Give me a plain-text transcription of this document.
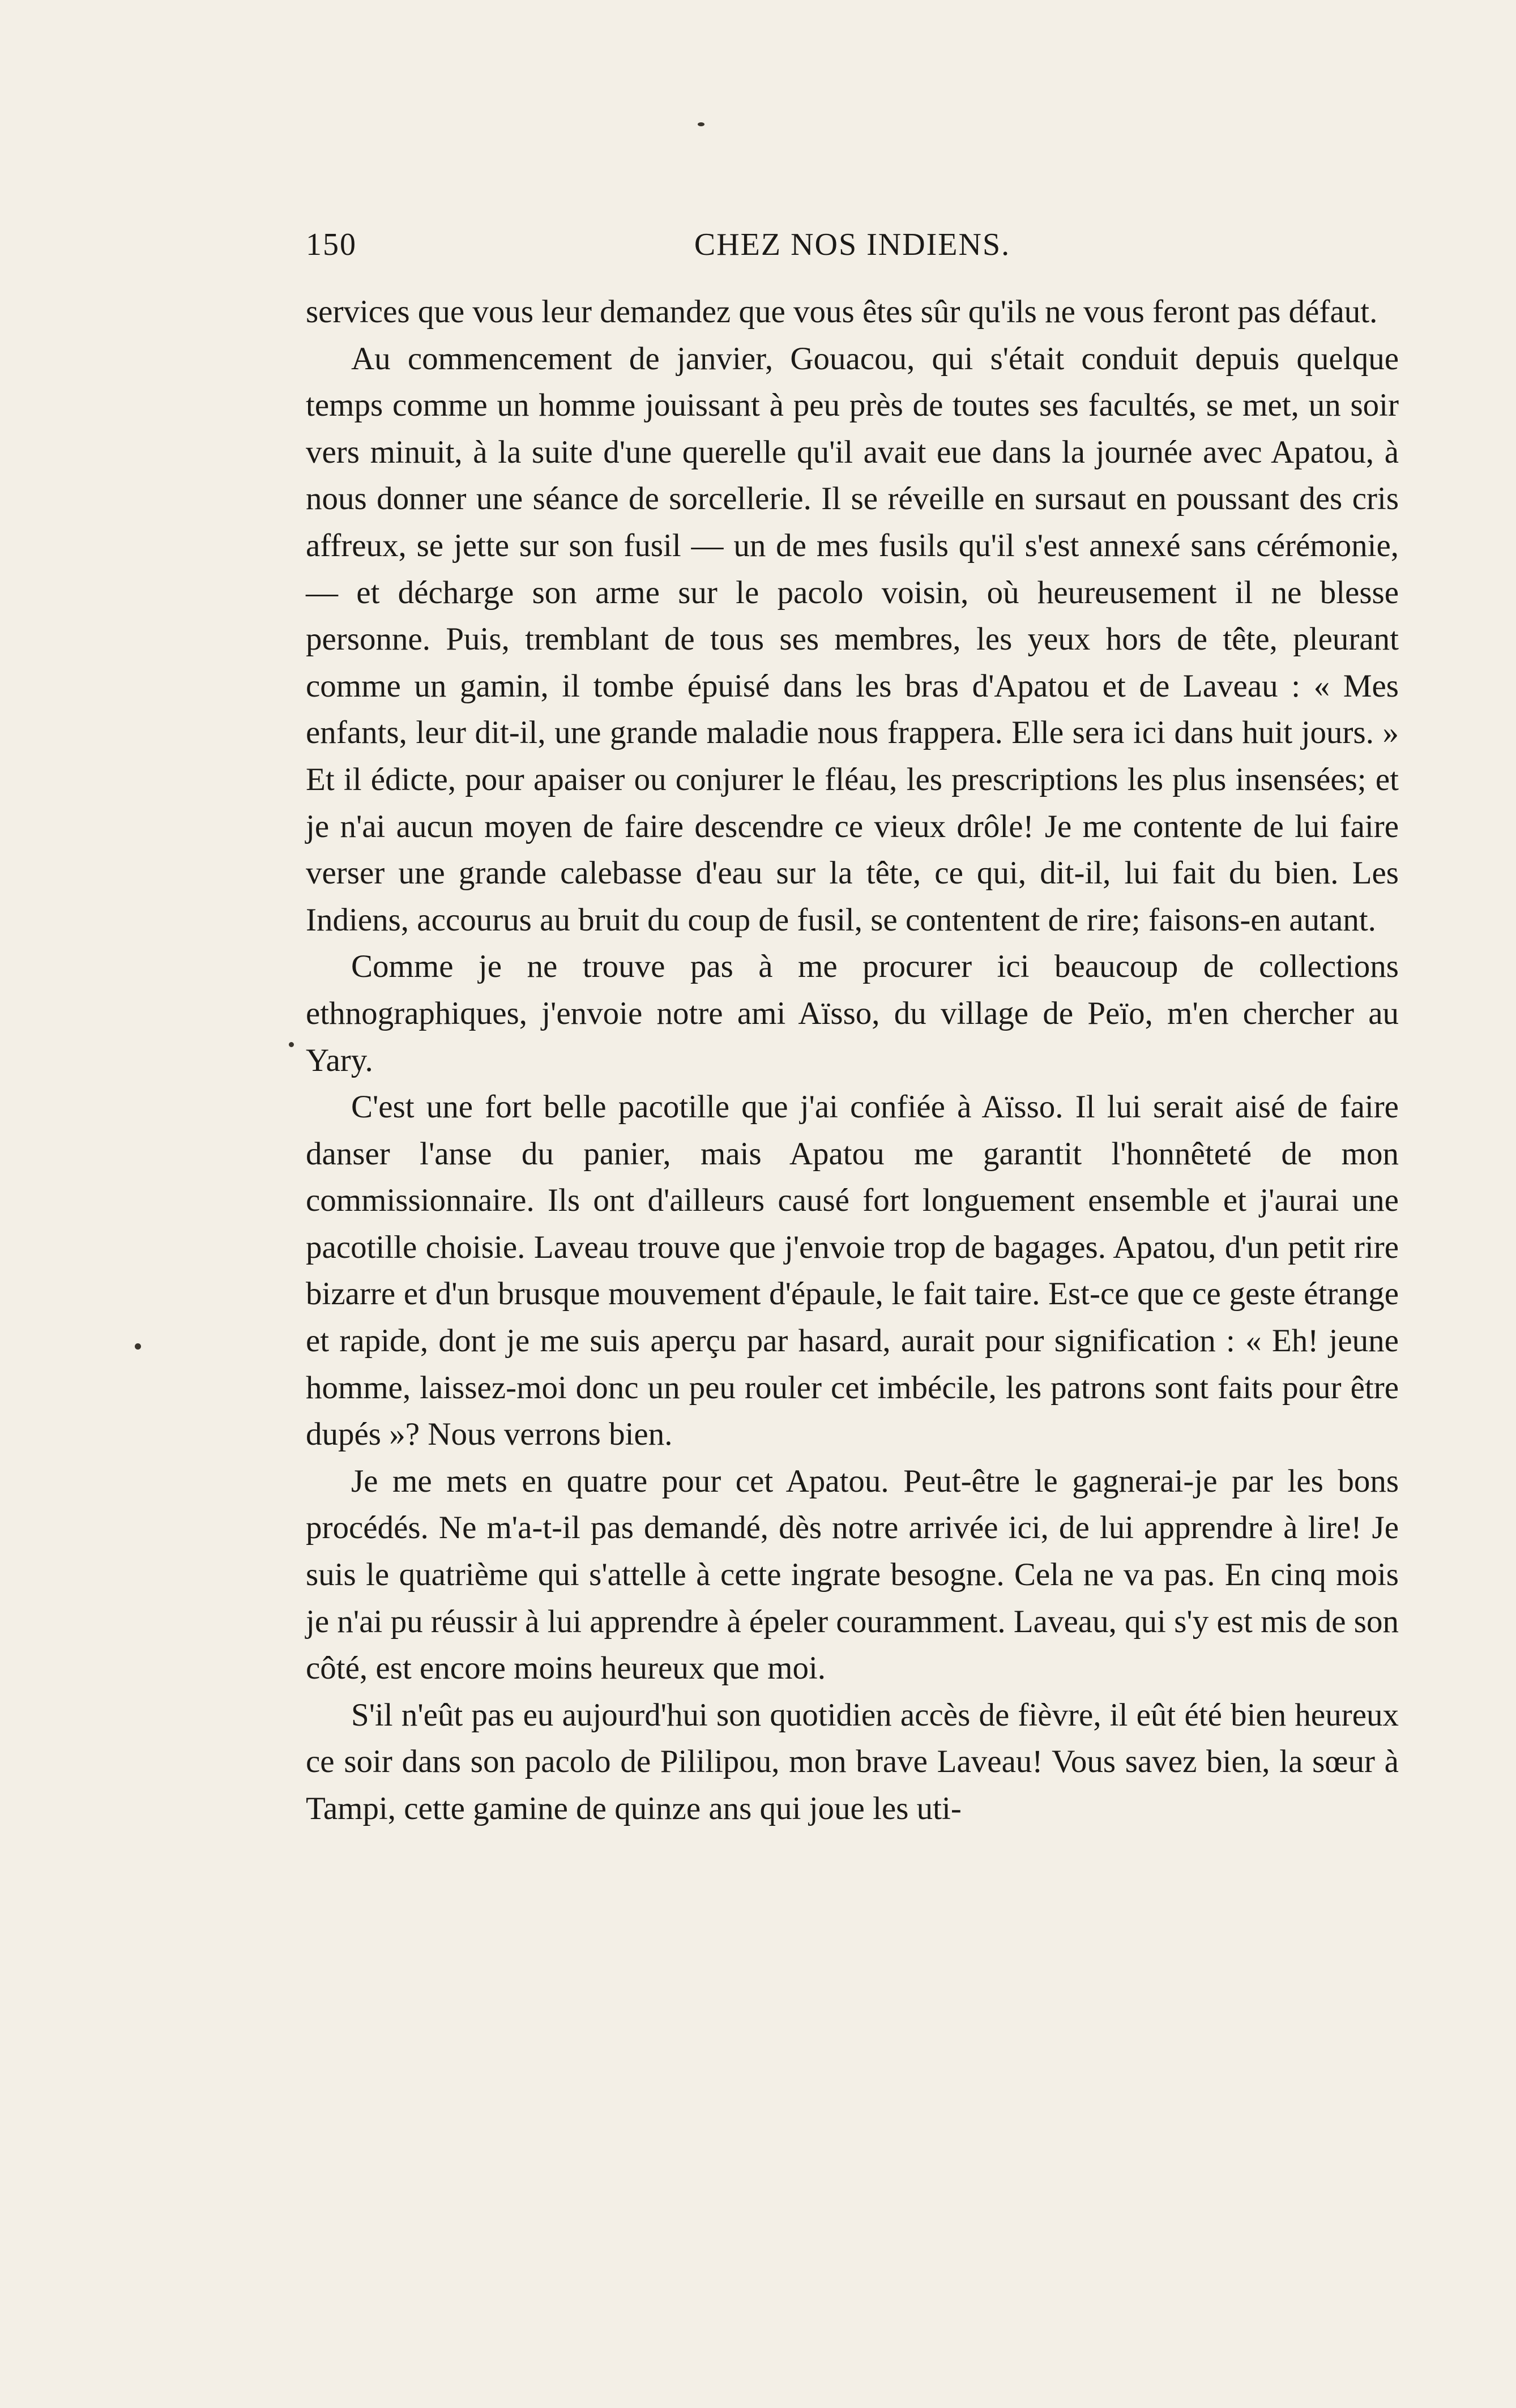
150	CHEZ NOS INDIENS.

services que vous leur demandez que vous êtes sûr qu'ils ne vous feront pas défaut.

Au commencement de janvier, Gouacou, qui s'était conduit depuis quelque temps comme un homme jouissant à peu près de toutes ses facultés, se met, un soir vers minuit, à la suite d'une querelle qu'il avait eue dans la journée avec Apatou, à nous donner une séance de sorcellerie. Il se réveille en sursaut en poussant des cris affreux, se jette sur son fusil — un de mes fusils qu'il s'est annexé sans cérémonie, — et décharge son arme sur le pacolo voisin, où heureusement il ne blesse personne. Puis, tremblant de tous ses membres, les yeux hors de tête, pleurant comme un gamin, il tombe épuisé dans les bras d'Apatou et de Laveau : « Mes enfants, leur dit-il, une grande maladie nous frappera. Elle sera ici dans huit jours. » Et il édicte, pour apaiser ou conjurer le fléau, les prescriptions les plus insensées; et je n'ai aucun moyen de faire descendre ce vieux drôle! Je me contente de lui faire verser une grande calebasse d'eau sur la tête, ce qui, dit-il, lui fait du bien. Les Indiens, accourus au bruit du coup de fusil, se contentent de rire; faisons-en autant.

Comme je ne trouve pas à me procurer ici beaucoup de collections ethnographiques, j'envoie notre ami Aïsso, du village de Peïo, m'en chercher au Yary.

C'est une fort belle pacotille que j'ai confiée à Aïsso. Il lui serait aisé de faire danser l'anse du panier, mais Apatou me garantit l'honnêteté de mon commissionnaire. Ils ont d'ailleurs causé fort longuement ensemble et j'aurai une pacotille choisie. Laveau trouve que j'envoie trop de bagages. Apatou, d'un petit rire bizarre et d'un brusque mouvement d'épaule, le fait taire. Est-ce que ce geste étrange et rapide, dont je me suis aperçu par hasard, aurait pour signification : « Eh! jeune homme, laissez-moi donc un peu rouler cet imbécile, les patrons sont faits pour être dupés »? Nous verrons bien.

Je me mets en quatre pour cet Apatou. Peut-être le gagnerai-je par les bons procédés. Ne m'a-t-il pas demandé, dès notre arrivée ici, de lui apprendre à lire! Je suis le quatrième qui s'attelle à cette ingrate besogne. Cela ne va pas. En cinq mois je n'ai pu réussir à lui apprendre à épeler couramment. Laveau, qui s'y est mis de son côté, est encore moins heureux que moi.

S'il n'eût pas eu aujourd'hui son quotidien accès de fièvre, il eût été bien heureux ce soir dans son pacolo de Pililipou, mon brave Laveau! Vous savez bien, la sœur à Tampi, cette gamine de quinze ans qui joue les uti-
